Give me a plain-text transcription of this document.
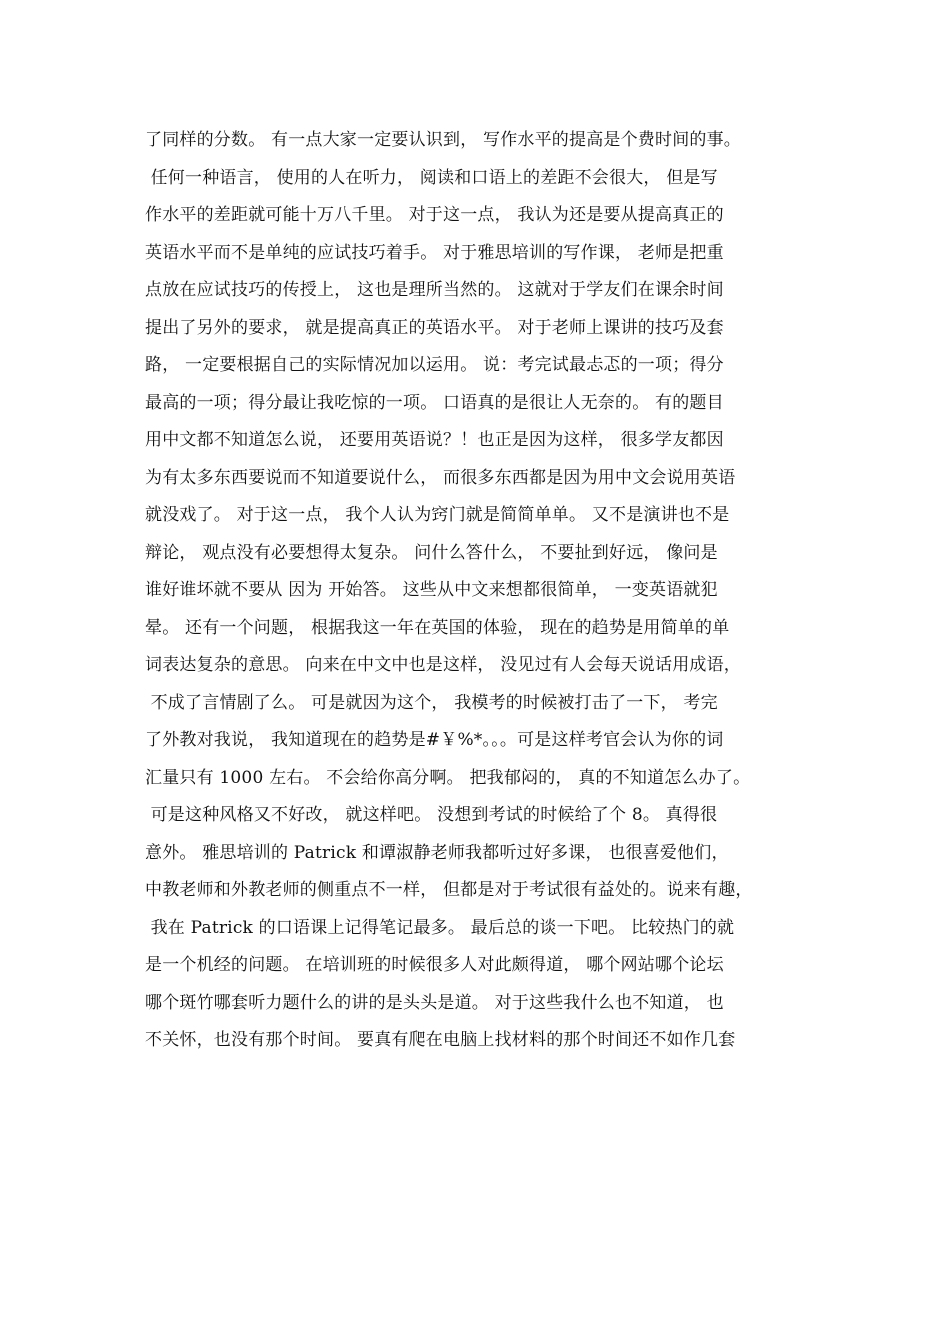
了同样的分数。 有一点大家一定要认识到， 写作水平的提高是个费时间的事。
任何一种语言， 使用的人在听力， 阅读和口语上的差距不会很大， 但是写
作水平的差距就可能十万八千里。 对于这一点， 我认为还是要从提高真正的
英语水平而不是单纯的应试技巧着手。 对于雅思培训的写作课， 老师是把重
点放在应试技巧的传授上， 这也是理所当然的。 这就对于学友们在课余时间
提出了另外的要求， 就是提高真正的英语水平。 对于老师上课讲的技巧及套
路， 一定要根据自己的实际情况加以运用。 说：考完试最忐忑的一项；得分
最高的一项；得分最让我吃惊的一项。 口语真的是很让人无奈的。 有的题目
用中文都不知道怎么说， 还要用英语说？！也正是因为这样， 很多学友都因
为有太多东西要说而不知道要说什么， 而很多东西都是因为用中文会说用英语
就没戏了。 对于这一点， 我个人认为窍门就是简简单单。 又不是演讲也不是
辩论， 观点没有必要想得太复杂。 问什么答什么， 不要扯到好远， 像问是
谁好谁坏就不要从 因为 开始答。 这些从中文来想都很简单， 一变英语就犯
晕。 还有一个问题， 根据我这一年在英国的体验， 现在的趋势是用简单的单
词表达复杂的意思。 向来在中文中也是这样， 没见过有人会每天说话用成语，
不成了言情剧了么。 可是就因为这个， 我模考的时候被打击了一下， 考完
了外教对我说， 我知道现在的趋势是#￥%*。。。可是这样考官会认为你的词
汇量只有 1000 左右。 不会给你高分啊。 把我郁闷的， 真的不知道怎么办了。
可是这种风格又不好改， 就这样吧。 没想到考试的时候给了个 8。 真得很
意外。 雅思培训的 Patrick 和谭淑静老师我都听过好多课， 也很喜爱他们，
中教老师和外教老师的侧重点不一样， 但都是对于考试很有益处的。说来有趣，
我在 Patrick 的口语课上记得笔记最多。 最后总的谈一下吧。 比较热门的就
是一个机经的问题。 在培训班的时候很多人对此颇得道， 哪个网站哪个论坛
哪个斑竹哪套听力题什么的讲的是头头是道。 对于这些我什么也不知道， 也
不关怀，也没有那个时间。 要真有爬在电脑上找材料的那个时间还不如作几套
